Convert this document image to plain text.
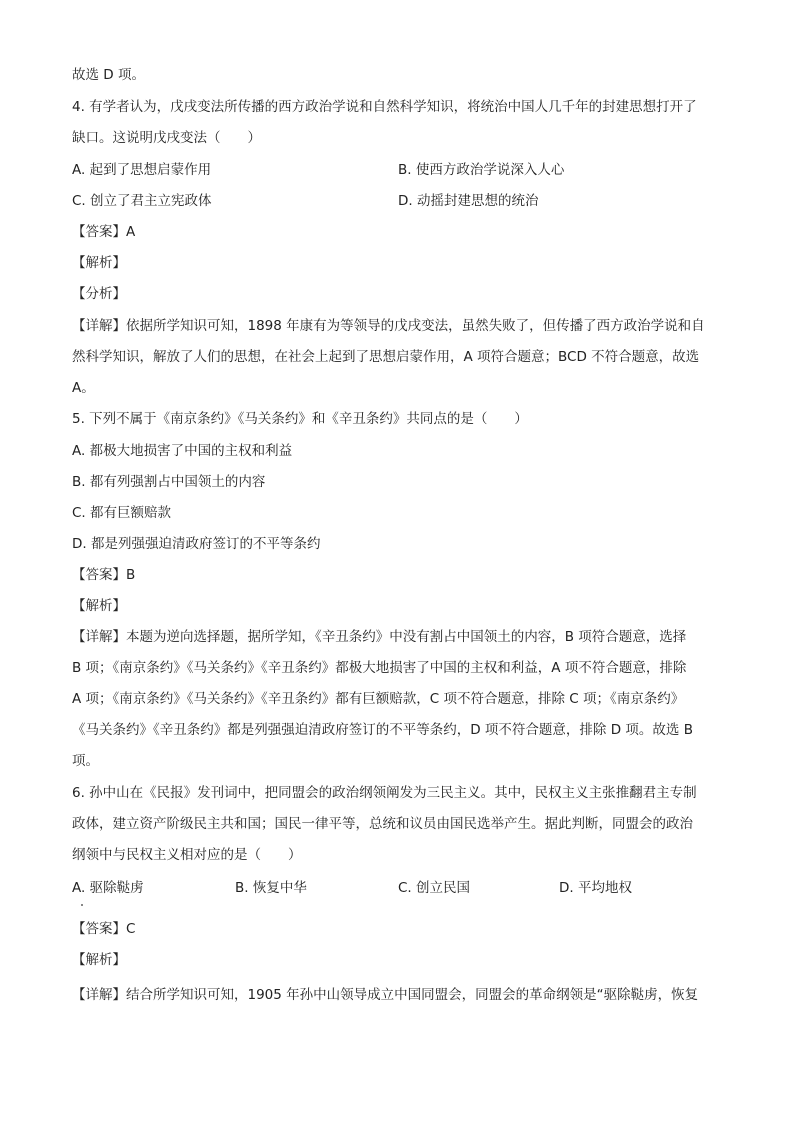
故选 D 项。
4. 有学者认为，戊戌变法所传播的西方政治学说和自然科学知识，将统治中国人几千年的封建思想打开了
缺口。这说明戊戌变法（　　）
A. 起到了思想启蒙作用	B. 使西方政治学说深入人心
C. 创立了君主立宪政体	D. 动摇封建思想的统治
【答案】A
【解析】
【分析】
【详解】依据所学知识可知，1898 年康有为等领导的戊戌变法，虽然失败了，但传播了西方政治学说和自
然科学知识，解放了人们的思想，在社会上起到了思想启蒙作用，A 项符合题意；BCD 不符合题意，故选
A。
5. 下列不属于《南京条约》《马关条约》和《辛丑条约》共同点的是（　　）
A. 都极大地损害了中国的主权和利益
B. 都有列强割占中国领土的内容
C. 都有巨额赔款
D. 都是列强强迫清政府签订的不平等条约
【答案】B
【解析】
【详解】本题为逆向选择题，据所学知，《辛丑条约》中没有割占中国领土的内容，B 项符合题意，选择
B 项；《南京条约》《马关条约》《辛丑条约》都极大地损害了中国的主权和利益，A 项不符合题意，排除
A 项；《南京条约》《马关条约》《辛丑条约》都有巨额赔款，C 项不符合题意，排除 C 项；《南京条约》
《马关条约》《辛丑条约》都是列强强迫清政府签订的不平等条约，D 项不符合题意，排除 D 项。故选 B
项。
6. 孙中山在《民报》发刊词中，把同盟会的政治纲领阐发为三民主义。其中，民权主义主张推翻君主专制
政体，建立资产阶级民主共和国；国民一律平等，总统和议员由国民选举产生。据此判断，同盟会的政治
纲领中与民权主义相对应的是（　　）
A. 驱除鞑虏	B. 恢复中华	C. 创立民国	D. 平均地权
【答案】C
【解析】
【详解】结合所学知识可知，1905 年孙中山领导成立中国同盟会，同盟会的革命纲领是“驱除鞑虏，恢复
